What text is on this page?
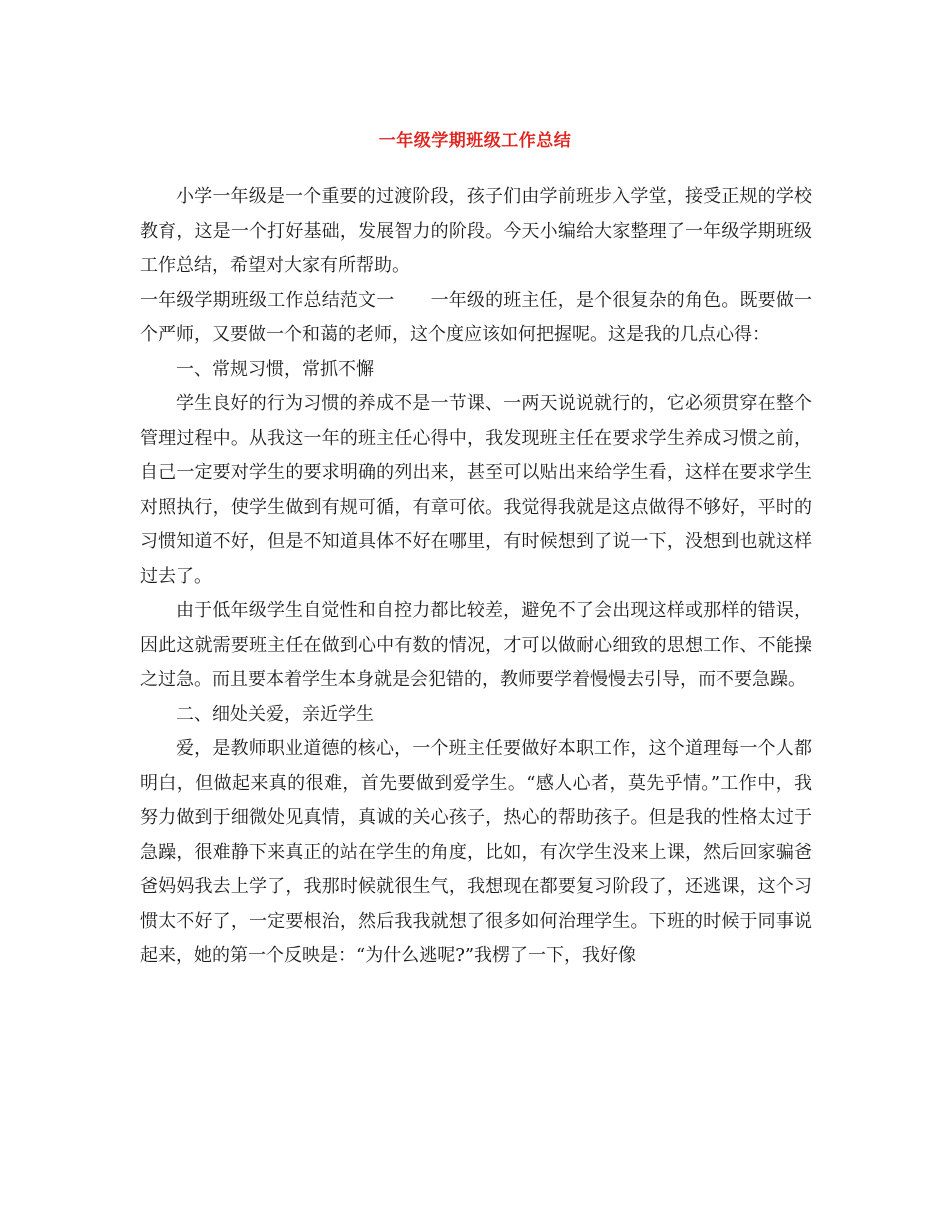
一年级学期班级工作总结

小学一年级是一个重要的过渡阶段，孩子们由学前班步入学堂，接受正规的学校教育，这是一个打好基础，发展智力的阶段。今天小编给大家整理了一年级学期班级工作总结，希望对大家有所帮助。

一年级学期班级工作总结范文一 一年级的班主任，是个很复杂的角色。既要做一个严师，又要做一个和蔼的老师，这个度应该如何把握呢。这是我的几点心得：

一、常规习惯，常抓不懈

学生良好的行为习惯的养成不是一节课、一两天说说就行的，它必须贯穿在整个管理过程中。从我这一年的班主任心得中，我发现班主任在要求学生养成习惯之前，自己一定要对学生的要求明确的列出来，甚至可以贴出来给学生看，这样在要求学生对照执行，使学生做到有规可循，有章可依。我觉得我就是这点做得不够好，平时的习惯知道不好，但是不知道具体不好在哪里，有时候想到了说一下，没想到也就这样过去了。

由于低年级学生自觉性和自控力都比较差，避免不了会出现这样或那样的错误，因此这就需要班主任在做到心中有数的情况，才可以做耐心细致的思想工作、不能操之过急。而且要本着学生本身就是会犯错的，教师要学着慢慢去引导，而不要急躁。

二、细处关爱，亲近学生

爱，是教师职业道德的核心，一个班主任要做好本职工作，这个道理每一个人都明白，但做起来真的很难，首先要做到爱学生。“感人心者，莫先乎情。”工作中，我努力做到于细微处见真情，真诚的关心孩子，热心的帮助孩子。但是我的性格太过于急躁，很难静下来真正的站在学生的角度，比如，有次学生没来上课，然后回家骗爸爸妈妈我去上学了，我那时候就很生气，我想现在都要复习阶段了，还逃课，这个习惯太不好了，一定要根治，然后我我就想了很多如何治理学生。下班的时候于同事说起来，她的第一个反映是：“为什么逃呢?”我楞了一下，我好像
